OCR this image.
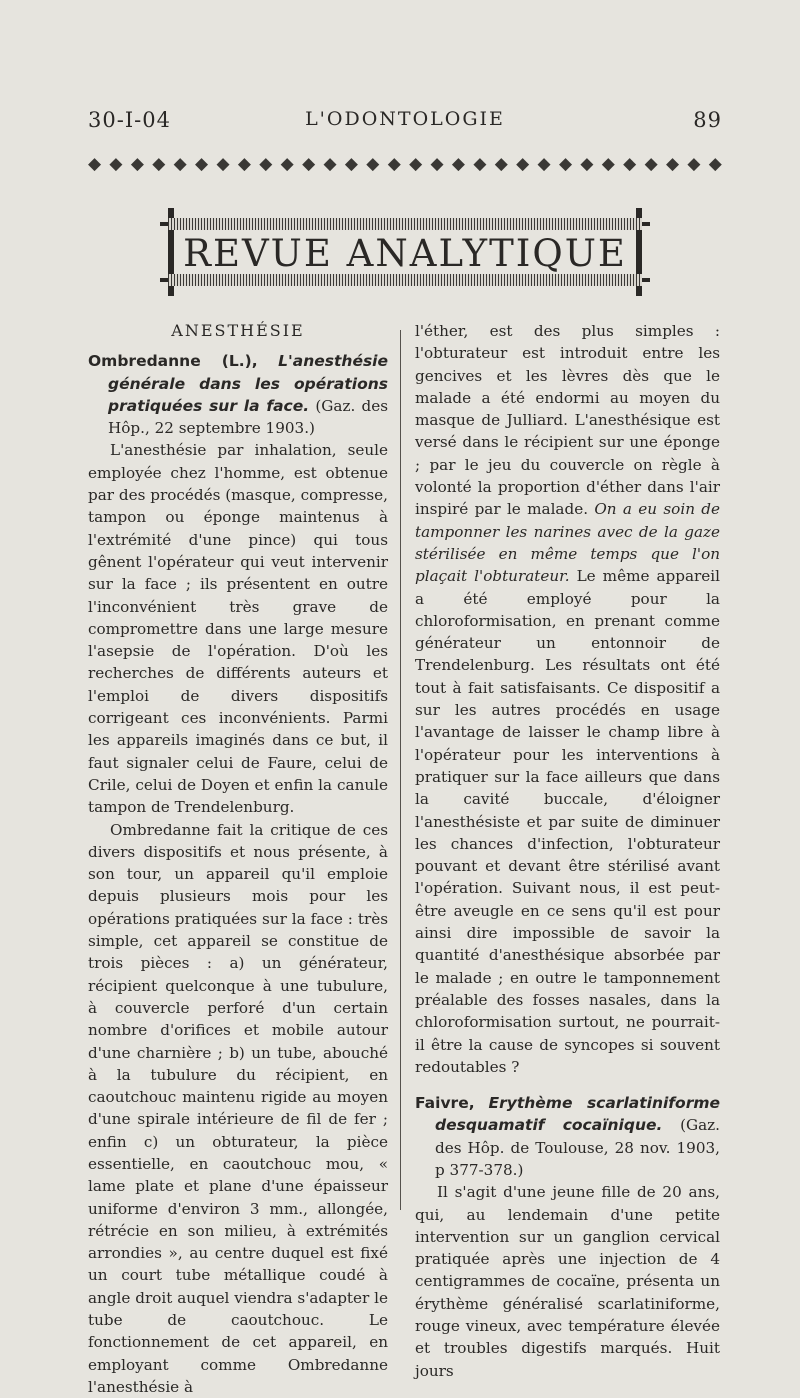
30-I-04	L'ODONTOLOGIE	89
◆ ◆ ◆ ◆ ◆ ◆ ◆ ◆ ◆ ◆ ◆ ◆ ◆ ◆ ◆ ◆ ◆ ◆ ◆ ◆ ◆ ◆ ◆ ◆ ◆ ◆ ◆ ◆ ◆ ◆
REVUE ANALYTIQUE

ANESTHÉSIE

Ombredanne (L.), L'anesthésie générale dans les opérations pratiquées sur la face. (Gaz. des Hôp., 22 septembre 1903.)

L'anesthésie par inhalation, seule employée chez l'homme, est obtenue par des procédés (masque, compresse, tampon ou éponge maintenus à l'extrémité d'une pince) qui tous gênent l'opérateur qui veut intervenir sur la face ; ils présentent en outre l'inconvénient très grave de compromettre dans une large mesure l'asepsie de l'opération. D'où les recherches de différents auteurs et l'emploi de divers dispositifs corrigeant ces inconvénients. Parmi les appareils imaginés dans ce but, il faut signaler celui de Faure, celui de Crile, celui de Doyen et enfin la canule tampon de Trendelenburg.

Ombredanne fait la critique de ces divers dispositifs et nous présente, à son tour, un appareil qu'il emploie depuis plusieurs mois pour les opérations pratiquées sur la face : très simple, cet appareil se constitue de trois pièces : a) un générateur, récipient quelconque à une tubulure, à couvercle perforé d'un certain nombre d'orifices et mobile autour d'une charnière ; b) un tube, abouché à la tubulure du récipient, en caoutchouc maintenu rigide au moyen d'une spirale intérieure de fil de fer ; enfin c) un obturateur, la pièce essentielle, en caoutchouc mou, « lame plate et plane d'une épaisseur uniforme d'environ 3 mm., allongée, rétrécie en son milieu, à extrémités arrondies », au centre duquel est fixé un court tube métallique coudé à angle droit auquel viendra s'adapter le tube de caoutchouc. Le fonctionnement de cet appareil, en employant comme Ombredanne l'anesthésie à

l'éther, est des plus simples : l'obturateur est introduit entre les gencives et les lèvres dès que le malade a été endormi au moyen du masque de Julliard. L'anesthésique est versé dans le récipient sur une éponge ; par le jeu du couvercle on règle à volonté la proportion d'éther dans l'air inspiré par le malade. On a eu soin de tamponner les narines avec de la gaze stérilisée en même temps que l'on plaçait l'obturateur. Le même appareil a été employé pour la chloroformisation, en prenant comme générateur un entonnoir de Trendelenburg. Les résultats ont été tout à fait satisfaisants. Ce dispositif a sur les autres procédés en usage l'avantage de laisser le champ libre à l'opérateur pour les interventions à pratiquer sur la face ailleurs que dans la cavité buccale, d'éloigner l'anesthésiste et par suite de diminuer les chances d'infection, l'obturateur pouvant et devant être stérilisé avant l'opération. Suivant nous, il est peut-être aveugle en ce sens qu'il est pour ainsi dire impossible de savoir la quantité d'anesthésique absorbée par le malade ; en outre le tamponnement préalable des fosses nasales, dans la chloroformisation surtout, ne pourrait-il être la cause de syncopes si souvent redoutables ?

Faivre, Erythème scarlatiniforme desquamatif cocaïnique. (Gaz. des Hôp. de Toulouse, 28 nov. 1903, p 377-378.)

Il s'agit d'une jeune fille de 20 ans, qui, au lendemain d'une petite intervention sur un ganglion cervical pratiquée après une injection de 4 centigrammes de cocaïne, présenta un érythème généralisé scarlatiniforme, rouge vineux, avec température élevée et troubles digestifs marqués. Huit jours
